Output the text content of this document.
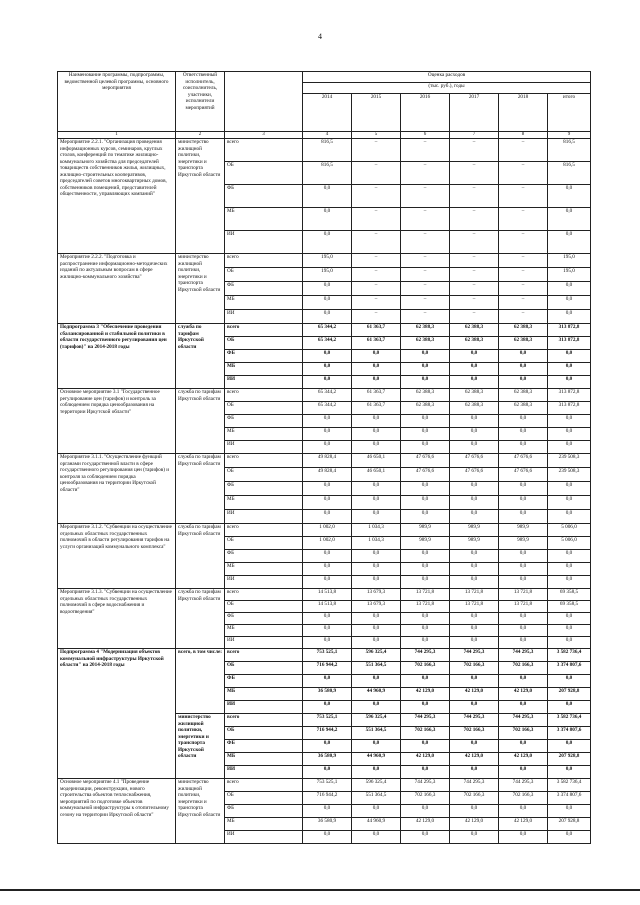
4
Наименование программы, подпрограммы, ведомственной целевой программы, основного мероприятия	Ответственный исполнитель, соисполнитель, участники, исполнители мероприятий		Оценка расходов					
			(тыс. руб.), годы					
			2014	2015	2016	2017	2018	итого
1	2	3	4	5	6	7	8	9
Мероприятие 2.2.1. "Организация проведения информационных курсов, семинаров, круглых столов, конференций по тематике жилищно-коммунального хозяйства для председателей товариществ собственников жилья, жилищных, жилищно-строительных кооперативов, председателей советов многоквартирных домов, собственников помещений, представителей общественности, управляющих компаний"	министерство жилищной политики, энергетики и транспорта Иркутской области	всего	816,5	–	–	–	–	816,5
		ОБ	816,5	–	–	–	–	816,5
		ФБ	0,0	–	–	–	–	0,0
		МБ	0,0	–	–	–	–	0,0
		ИИ	0,0	–	–	–	–	0,0
Мероприятие 2.2.2. "Подготовка и распространение информационно-методических изданий по актуальным вопросам в сфере жилищно-коммунального хозяйства"	министерство жилищной политики, энергетики и транспорта Иркутской области	всего	195,0	–	–	–	–	195,0
		ОБ	195,0	–	–	–	–	195,0
		ФБ	0,0	–	–	–	–	0,0
		МБ	0,0	–	–	–	–	0,0
		ИИ	0,0	–	–	–	–	0,0
Подпрограмма 3 "Обеспечение проведения сбалансированной и стабильной политики в области государственного регулирования цен (тарифов)" на 2014-2018 годы	служба по тарифам Иркутской области	всего	65 344,2	61 363,7	62 388,3	62 388,3	62 388,3	313 872,8
		ОБ	65 344,2	61 363,7	62 388,3	62 388,3	62 388,3	313 872,8
		ФБ	0,0	0,0	0,0	0,0	0,0	0,0
		МБ	0,0	0,0	0,0	0,0	0,0	0,0
		ИИ	0,0	0,0	0,0	0,0	0,0	0,0
Основное мероприятие 3.1 "Государственное регулирование цен (тарифов) и контроль за соблюдением порядка ценообразования на территории Иркутской области"	служба по тарифам Иркутской области	всего	65 344,2	61 363,7	62 388,3	62 388,3	62 388,3	313 872,8
		ОБ	65 344,2	61 363,7	62 388,3	62 388,3	62 388,3	313 872,8
		ФБ	0,0	0,0	0,0	0,0	0,0	0,0
		МБ	0,0	0,0	0,0	0,0	0,0	0,0
		ИИ	0,0	0,0	0,0	0,0	0,0	0,0
Мероприятие 3.1.1. "Осуществление функций органами государственной власти в сфере государственного регулирования цен (тарифов) и контроля за соблюдением порядка ценообразования на территории Иркутской области"	служба по тарифам Иркутской области	всего	49 828,4	46 650,1	47 676,6	47 676,6	47 676,6	239 508,3
		ОБ	49 828,4	46 650,1	47 676,6	47 676,6	47 676,6	239 508,3
		ФБ	0,0	0,0	0,0	0,0	0,0	0,0
		МБ	0,0	0,0	0,0	0,0	0,0	0,0
		ИИ	0,0	0,0	0,0	0,0	0,0	0,0
Мероприятие 3.1.2. "Субвенции на осуществление отдельных областных государственных полномочий в области регулирования тарифов на услуги организаций коммунального комплекса"	служба по тарифам Иркутской области	всего	1 002,0	1 034,3	989,9	989,9	989,9	5 006,0
		ОБ	1 002,0	1 034,3	989,9	989,9	989,9	5 006,0
		ФБ	0,0	0,0	0,0	0,0	0,0	0,0
		МБ	0,0	0,0	0,0	0,0	0,0	0,0
		ИИ	0,0	0,0	0,0	0,0	0,0	0,0
Мероприятие 3.1.3. "Субвенции на осуществление отдельных областных государственных полномочий в сфере водоснабжения и водоотведения"	служба по тарифам Иркутской области	всего	14 513,8	13 679,3	13 721,8	13 721,8	13 721,8	69 358,5
		ОБ	14 513,8	13 679,3	13 721,8	13 721,8	13 721,8	69 358,5
		ФБ	0,0	0,0	0,0	0,0	0,0	0,0
		МБ	0,0	0,0	0,0	0,0	0,0	0,0
		ИИ	0,0	0,0	0,0	0,0	0,0	0,0
Подпрограмма 4 "Модернизация объектов коммунальной инфраструктуры Иркутской области" на 2014-2018 годы	всего, в том числе:	всего	753 525,1	596 325,4	744 295,3	744 295,3	744 295,3	3 582 736,4
		ОБ	716 944,2	551 364,5	702 166,3	702 166,3	702 166,3	3 374 807,6
		ФБ	0,0	0,0	0,0	0,0	0,0	0,0
		МБ	36 580,9	44 960,9	42 129,0	42 129,0	42 129,0	207 928,8
		ИИ	0,0	0,0	0,0	0,0	0,0	0,0
	министерство жилищной политики, энергетики и транспорта Иркутской области	всего	753 525,1	596 325,4	744 295,3	744 295,3	744 295,3	3 582 736,4
		ОБ	716 944,2	551 364,5	702 166,3	702 166,3	702 166,3	3 374 807,6
		ФБ	0,0	0,0	0,0	0,0	0,0	0,0
		МБ	36 580,9	44 960,9	42 129,0	42 129,0	42 129,0	207 928,8
		ИИ	0,0	0,0	0,0	0,0	0,0	0,0
Основное мероприятие 4.1 "Проведение модернизации, реконструкции, нового строительства объектов теплоснабжения, мероприятий по подготовке объектов коммунальной инфраструктуры к отопительному сезону на территории Иркутской области"	министерство жилищной политики, энергетики и транспорта Иркутской области	всего	753 525,1	596 325,4	744 295,3	744 295,3	744 295,3	3 582 736,4
		ОБ	716 944,2	551 364,5	702 166,3	702 166,3	702 166,3	3 374 807,6
		ФБ	0,0	0,0	0,0	0,0	0,0	0,0
		МБ	36 580,9	44 960,9	42 129,0	42 129,0	42 129,0	207 928,8
		ИИ	0,0	0,0	0,0	0,0	0,0	0,0
